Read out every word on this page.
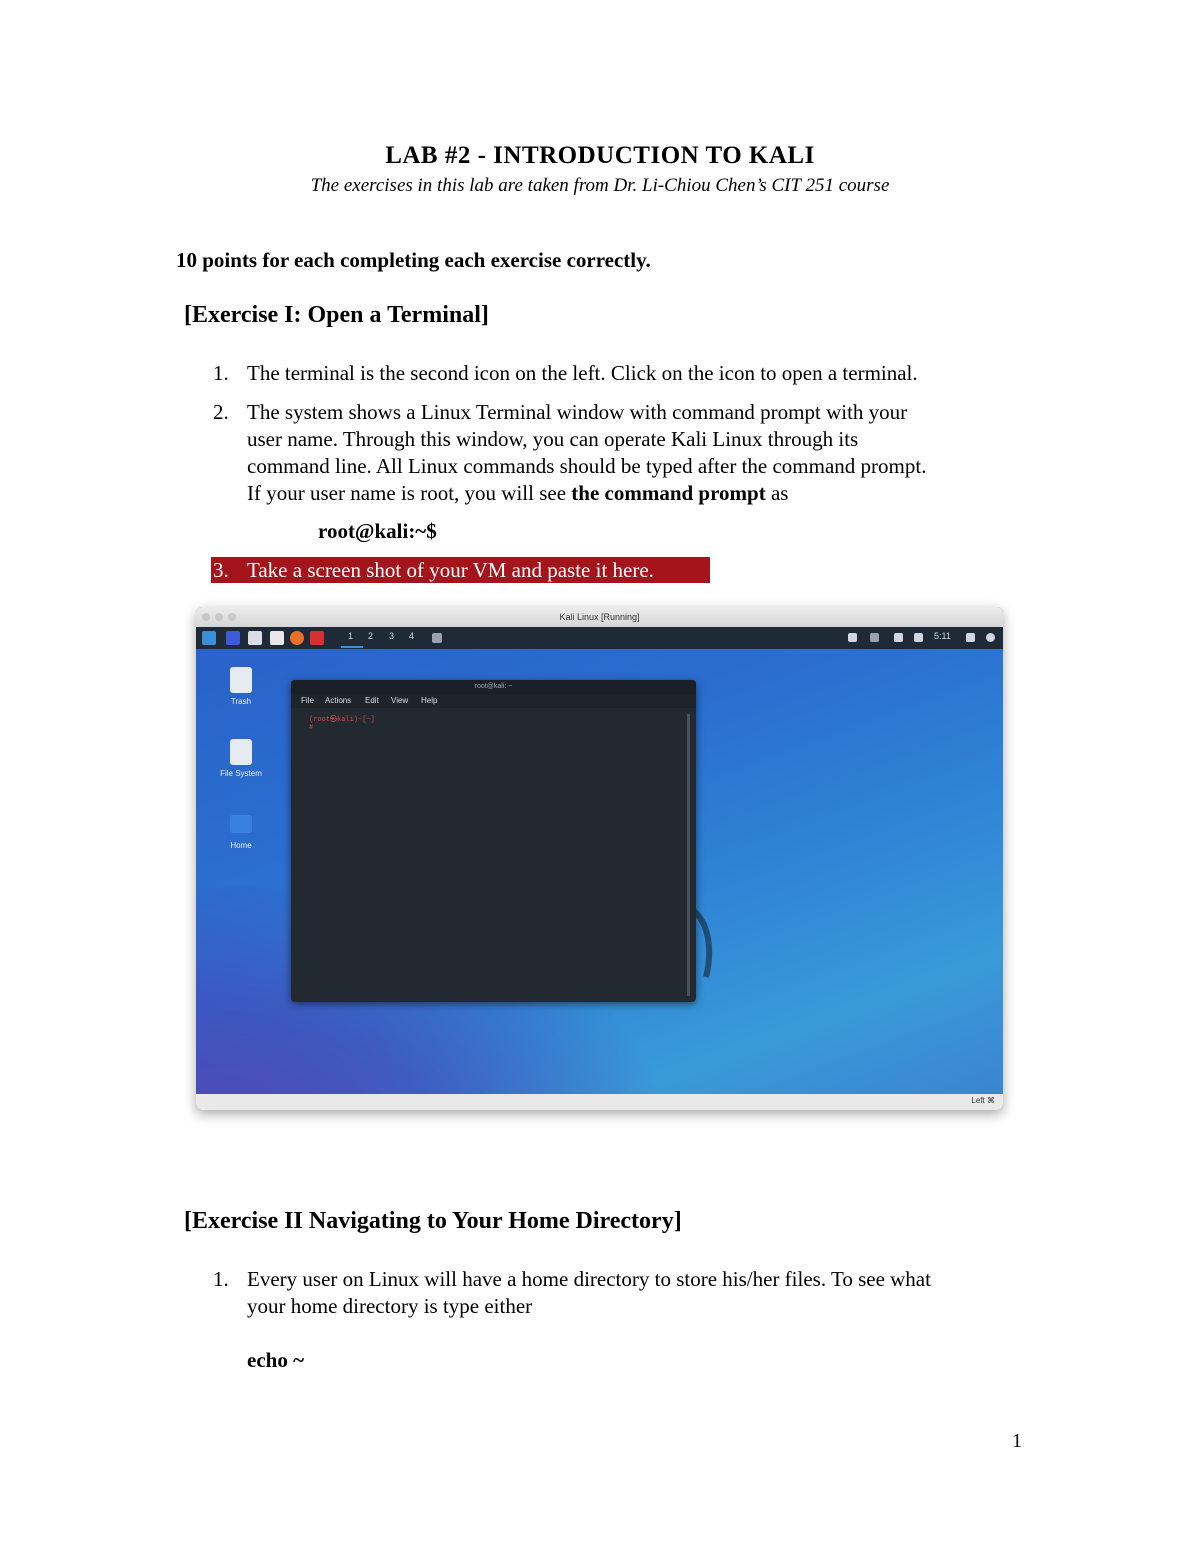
LAB #2 - INTRODUCTION TO KALI
The exercises in this lab are taken from Dr. Li-Chiou Chen’s CIT 251 course
10 points for each completing each exercise correctly.
[Exercise I: Open a Terminal]
1. The terminal is the second icon on the left. Click on the icon to open a terminal.
2. The system shows a Linux Terminal window with command prompt with your
user name. Through this window, you can operate Kali Linux through its
command line. All Linux commands should be typed after the command prompt.
If your user name is root, you will see the command prompt as
root@kali:~$
3. Take a screen shot of your VM and paste it here.
Kali Linux [Running]
1 2 3 4	5:11
Trash
File System
Home
root@kali: ~
File Actions Edit View Help
(root㉿kali)-[~]
#
Left ⌘
[Exercise II Navigating to Your Home Directory]
1. Every user on Linux will have a home directory to store his/her files. To see what
your home directory is type either
echo ~
1
